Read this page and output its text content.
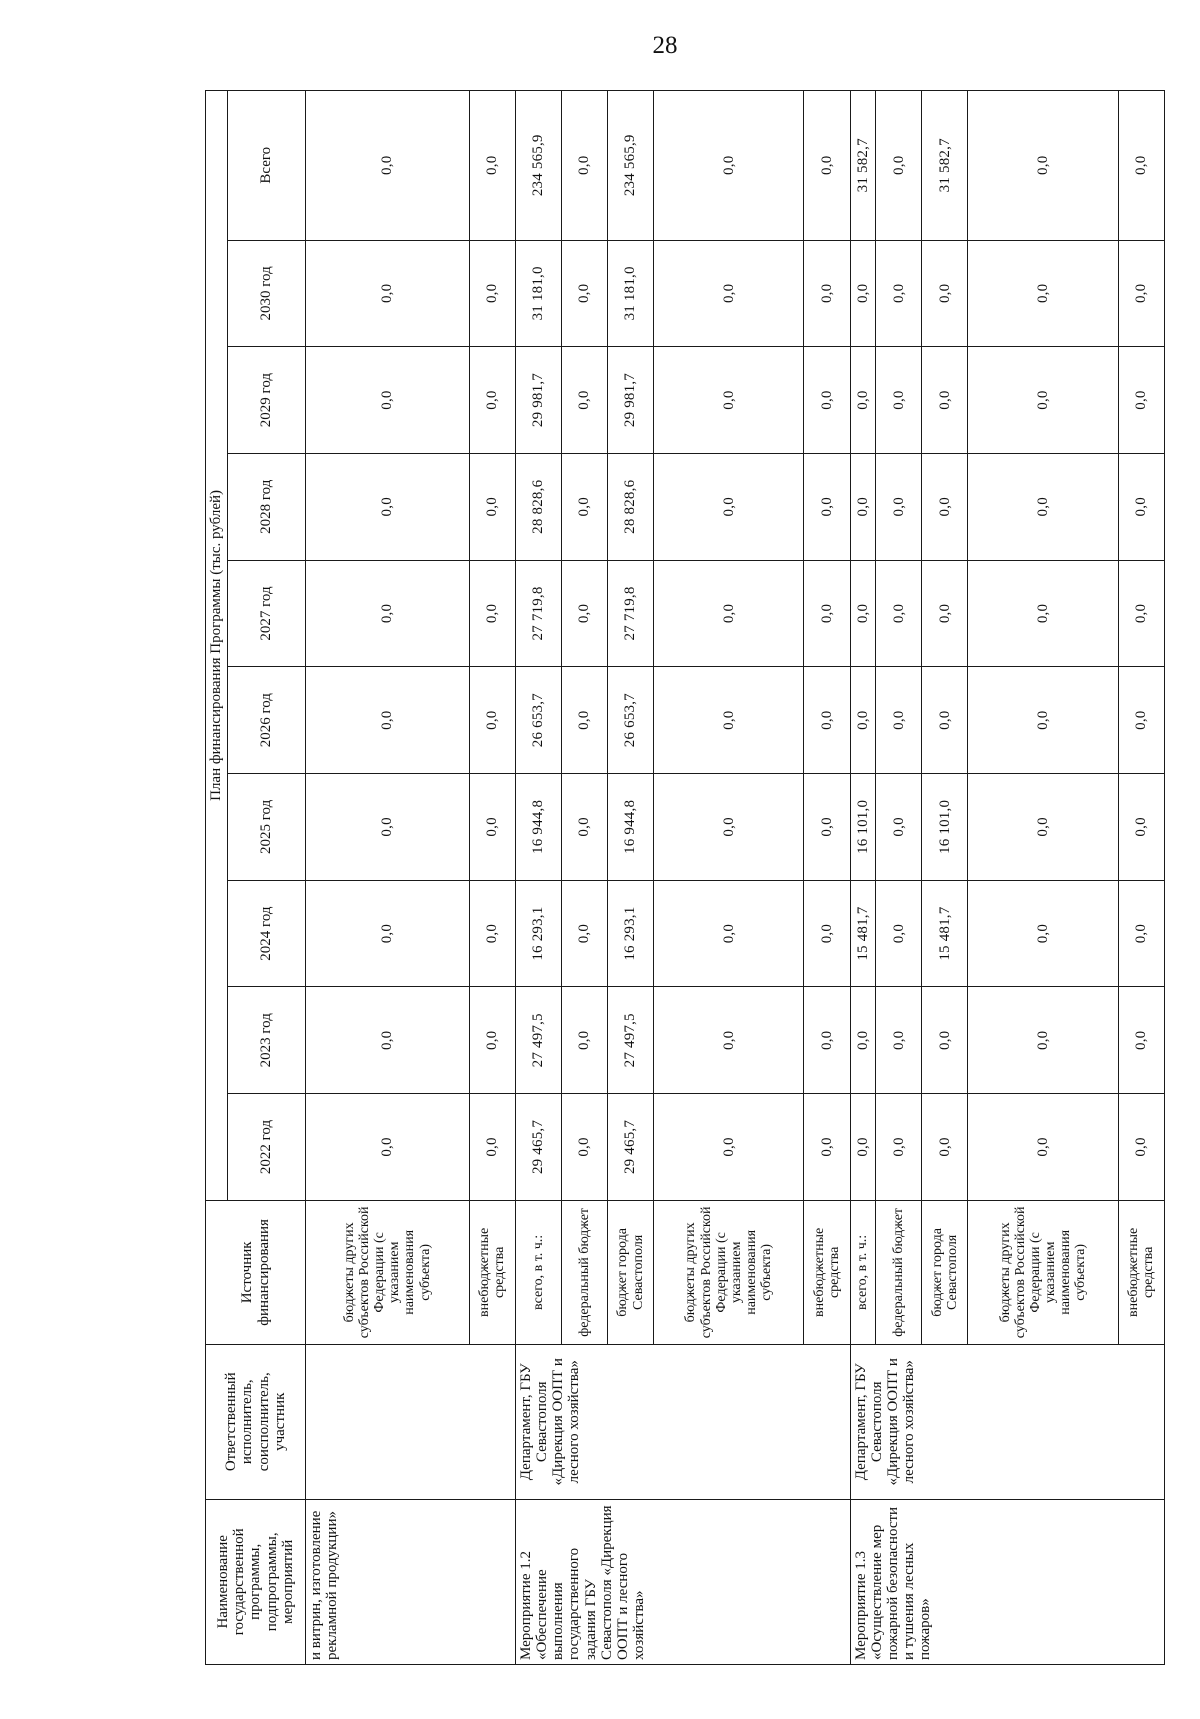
28
Наименование государственной программы, подпрограммы, мероприятий	Ответственный исполнитель, соисполнитель, участник	Источник финансирования	План финансирования Программы (тыс. рублей)									
			2022 год	2023 год	2024 год	2025 год	2026 год	2027 год	2028 год	2029 год	2030 год	Всего
и витрин, изготовление рекламной продукции»		бюджеты других субъектов Российской Федерации (с указанием наименования субъекта)	0,0	0,0	0,0	0,0	0,0	0,0	0,0	0,0	0,0	0,0
		внебюджетные средства	0,0	0,0	0,0	0,0	0,0	0,0	0,0	0,0	0,0	0,0
Мероприятие 1.2 «Обеспечение выполнения государственного задания ГБУ Севастополя «Дирекция ООПТ и лесного хозяйства»	Департамент, ГБУ Севастополя «Дирекция ООПТ и лесного хозяйства»	всего, в т. ч.:	29 465,7	27 497,5	16 293,1	16 944,8	26 653,7	27 719,8	28 828,6	29 981,7	31 181,0	234 565,9
		федеральный бюджет	0,0	0,0	0,0	0,0	0,0	0,0	0,0	0,0	0,0	0,0
		бюджет города Севастополя	29 465,7	27 497,5	16 293,1	16 944,8	26 653,7	27 719,8	28 828,6	29 981,7	31 181,0	234 565,9
		бюджеты других субъектов Российской Федерации (с указанием наименования субъекта)	0,0	0,0	0,0	0,0	0,0	0,0	0,0	0,0	0,0	0,0
		внебюджетные средства	0,0	0,0	0,0	0,0	0,0	0,0	0,0	0,0	0,0	0,0
Мероприятие 1.3 «Осуществление мер пожарной безопасности и тушения лесных пожаров»	Департамент, ГБУ Севастополя «Дирекция ООПТ и лесного хозяйства»	всего, в т. ч.:	0,0	0,0	15 481,7	16 101,0	0,0	0,0	0,0	0,0	0,0	31 582,7
		федеральный бюджет	0,0	0,0	0,0	0,0	0,0	0,0	0,0	0,0	0,0	0,0
		бюджет города Севастополя	0,0	0,0	15 481,7	16 101,0	0,0	0,0	0,0	0,0	0,0	31 582,7
		бюджеты других субъектов Российской Федерации (с указанием наименования субъекта)	0,0	0,0	0,0	0,0	0,0	0,0	0,0	0,0	0,0	0,0
		внебюджетные средства	0,0	0,0	0,0	0,0	0,0	0,0	0,0	0,0	0,0	0,0
